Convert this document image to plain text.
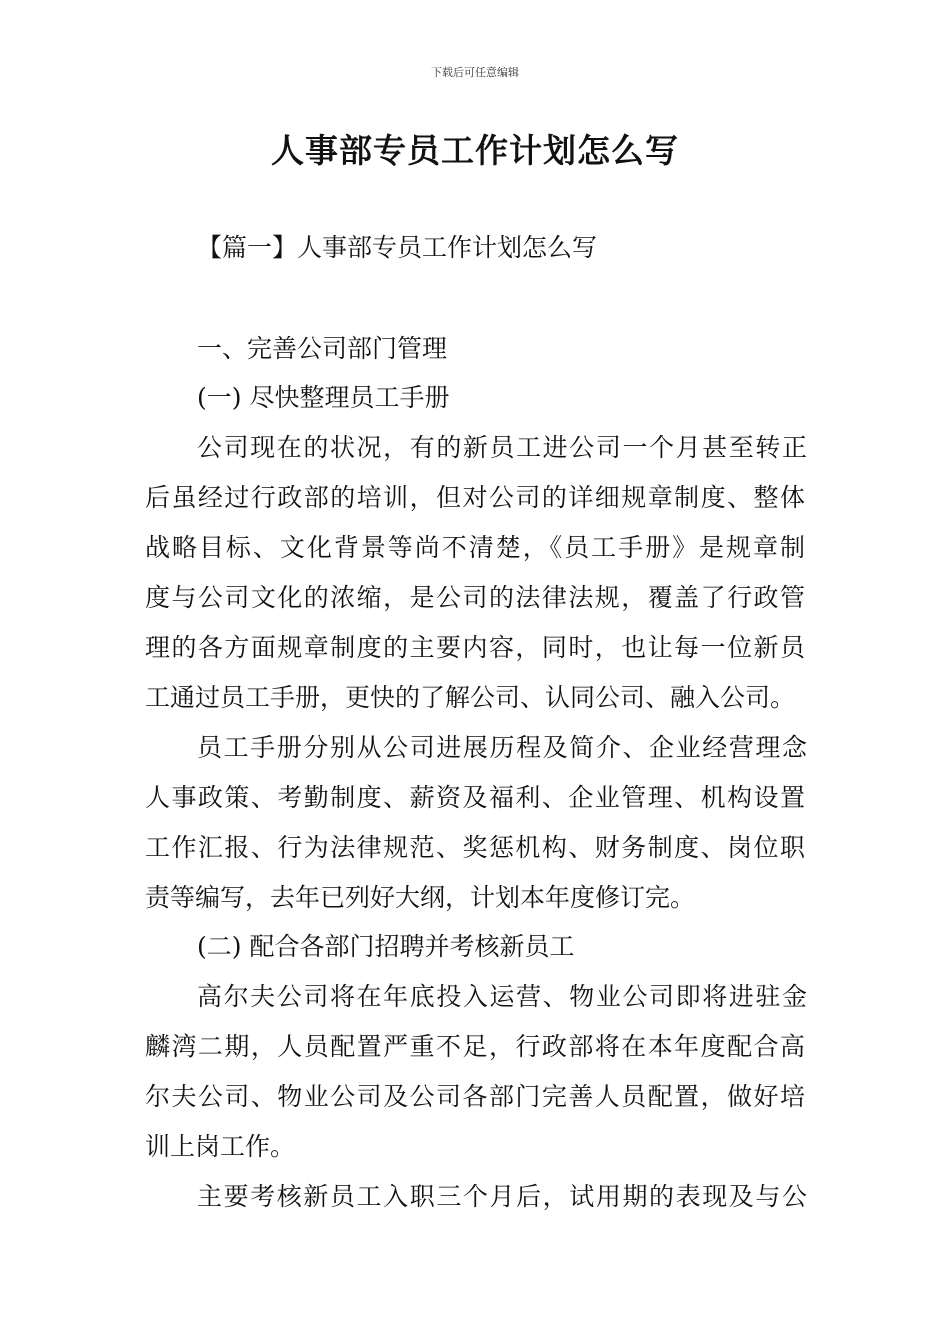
下载后可任意编辑
人事部专员工作计划怎么写
【篇一】人事部专员工作计划怎么写
一、完善公司部门管理
(一) 尽快整理员工手册
公司现在的状况，有的新员工进公司一个月甚至转正
后虽经过行政部的培训，但对公司的详细规章制度、整体
战略目标、文化背景等尚不清楚，《员工手册》是规章制
度与公司文化的浓缩，是公司的法律法规，覆盖了行政管
理的各方面规章制度的主要内容，同时，也让每一位新员
工通过员工手册，更快的了解公司、认同公司、融入公司。
员工手册分别从公司进展历程及简介、企业经营理念
人事政策、考勤制度、薪资及福利、企业管理、机构设置
工作汇报、行为法律规范、奖惩机构、财务制度、岗位职
责等编写，去年已列好大纲，计划本年度修订完。
(二) 配合各部门招聘并考核新员工
高尔夫公司将在年底投入运营、物业公司即将进驻金
麟湾二期，人员配置严重不足，行政部将在本年度配合高
尔夫公司、物业公司及公司各部门完善人员配置，做好培
训上岗工作。
主要考核新员工入职三个月后，试用期的表现及与公
